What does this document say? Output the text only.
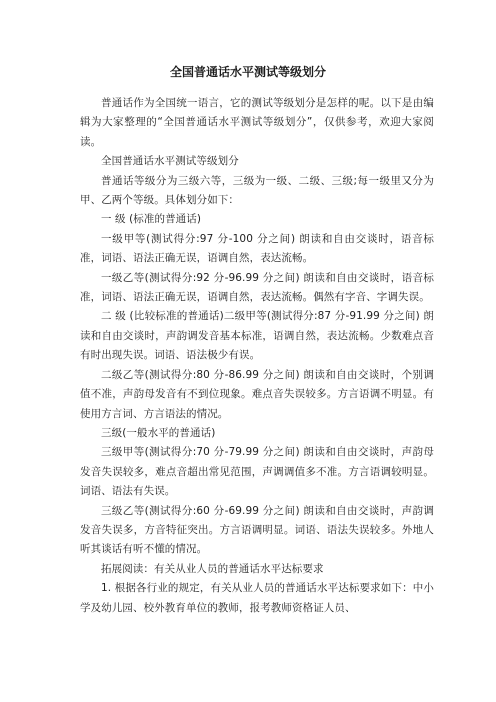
全国普通话水平测试等级划分

普通话作为全国统一语言，它的测试等级划分是怎样的呢。以下是由编辑为大家整理的“全国普通话水平测试等级划分”，仅供参考，欢迎大家阅读。

全国普通话水平测试等级划分

普通话等级分为三级六等，三级为一级、二级、三级;每一级里又分为甲、乙两个等级。具体划分如下：

一 级 (标准的普通话)

一级甲等(测试得分:97 分-100 分之间) 朗读和自由交谈时，语音标准，词语、语法正确无误，语调自然，表达流畅。

一级乙等(测试得分:92 分-96.99 分之间) 朗读和自由交谈时，语音标准，词语、语法正确无误，语调自然，表达流畅。偶然有字音、字调失误。

二 级 (比较标准的普通话)二级甲等(测试得分:87 分-91.99 分之间) 朗读和自由交谈时，声韵调发音基本标准，语调自然，表达流畅。少数难点音有时出现失误。词语、语法极少有误。

二级乙等(测试得分:80 分-86.99 分之间) 朗读和自由交谈时，个别调值不准，声韵母发音有不到位现象。难点音失误较多。方言语调不明显。有使用方言词、方言语法的情况。

三级(一般水平的普通话)

三级甲等(测试得分:70 分-79.99 分之间) 朗读和自由交谈时，声韵母发音失误较多，难点音超出常见范围，声调调值多不准。方言语调较明显。词语、语法有失误。

三级乙等(测试得分:60 分-69.99 分之间) 朗读和自由交谈时，声韵调发音失误多，方音特征突出。方言语调明显。词语、语法失误较多。外地人听其谈话有听不懂的情况。

拓展阅读：有关从业人员的普通话水平达标要求

1. 根据各行业的规定，有关从业人员的普通话水平达标要求如下：中小学及幼儿园、校外教育单位的教师，报考教师资格证人员、
